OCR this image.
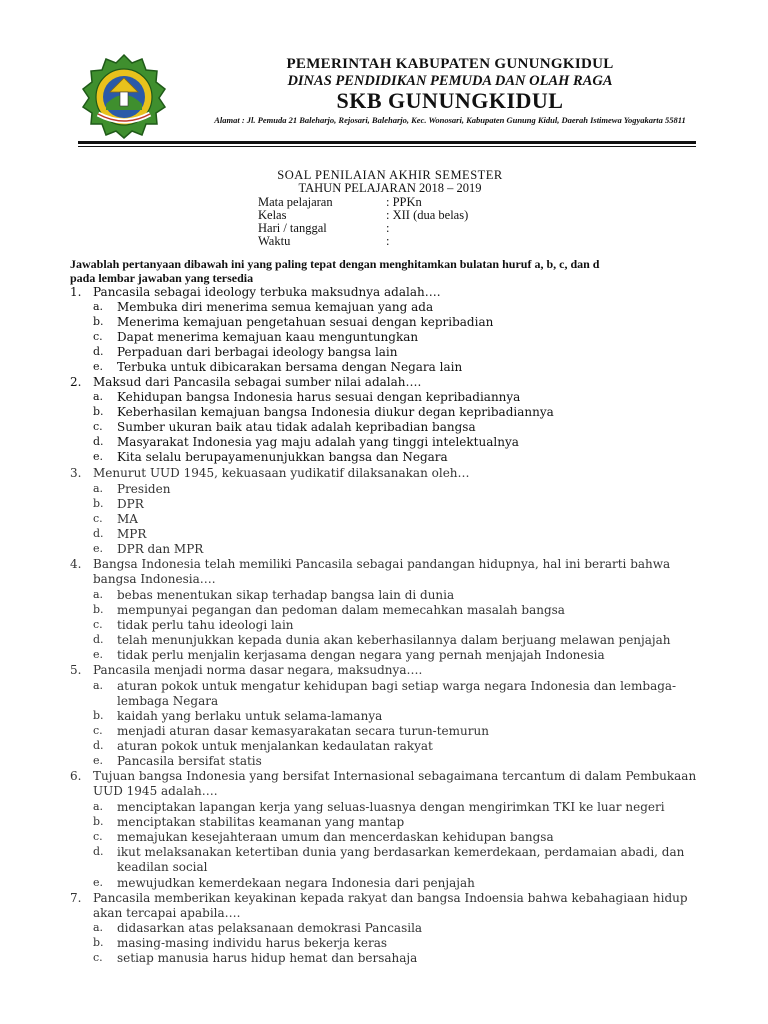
PEMERINTAH KABUPATEN GUNUNGKIDUL
DINAS PENDIDIKAN PEMUDA DAN OLAH RAGA
SKB GUNUNGKIDUL
Alamat : Jl. Pemuda 21 Baleharjo, Rejosari, Baleharjo, Kec. Wonosari, Kabupaten Gunung Kidul, Daerah Istimewa Yogyakarta 55811
SOAL PENILAIAN AKHIR SEMESTER
TAHUN PELAJARAN 2018 – 2019
Mata pelajaran	: PPKn
Kelas	: XII (dua belas)
Hari / tanggal	:
Waktu	:
Jawablah pertanyaan dibawah ini yang paling tepat dengan menghitamkan bulatan huruf a, b, c, dan d
pada lembar jawaban yang tersedia
1. Pancasila sebagai ideology terbuka maksudnya adalah….
a. Membuka diri menerima semua kemajuan yang ada
b. Menerima kemajuan pengetahuan sesuai dengan kepribadian
c. Dapat menerima kemajuan kaau menguntungkan
d. Perpaduan dari berbagai ideology bangsa lain
e. Terbuka untuk dibicarakan bersama dengan Negara lain
2. Maksud dari Pancasila sebagai sumber nilai adalah….
a. Kehidupan bangsa Indonesia harus sesuai dengan kepribadiannya
b. Keberhasilan kemajuan bangsa Indonesia diukur degan kepribadiannya
c. Sumber ukuran baik atau tidak adalah kepribadian bangsa
d. Masyarakat Indonesia yag maju adalah yang tinggi intelektualnya
e. Kita selalu berupayamenunjukkan bangsa dan Negara
3. Menurut UUD 1945, kekuasaan yudikatif dilaksanakan oleh…
a. Presiden
b. DPR
c. MA
d. MPR
e. DPR dan MPR
4. Bangsa Indonesia telah memiliki Pancasila sebagai pandangan hidupnya, hal ini berarti bahwa
bangsa Indonesia….
a. bebas menentukan sikap terhadap bangsa lain di dunia
b. mempunyai pegangan dan pedoman dalam memecahkan masalah bangsa
c. tidak perlu tahu ideologi lain
d. telah menunjukkan kepada dunia akan keberhasilannya dalam berjuang melawan penjajah
e. tidak perlu menjalin kerjasama dengan negara yang pernah menjajah Indonesia
5. Pancasila menjadi norma dasar negara, maksudnya….
a. aturan pokok untuk mengatur kehidupan bagi setiap warga negara Indonesia dan lembaga-
lembaga Negara
b. kaidah yang berlaku untuk selama-lamanya
c. menjadi aturan dasar kemasyarakatan secara turun-temurun
d. aturan pokok untuk menjalankan kedaulatan rakyat
e. Pancasila bersifat statis
6. Tujuan bangsa Indonesia yang bersifat Internasional sebagaimana tercantum di dalam Pembukaan
UUD 1945 adalah….
a. menciptakan lapangan kerja yang seluas-luasnya dengan mengirimkan TKI ke luar negeri
b. menciptakan stabilitas keamanan yang mantap
c. memajukan kesejahteraan umum dan mencerdaskan kehidupan bangsa
d. ikut melaksanakan ketertiban dunia yang berdasarkan kemerdekaan, perdamaian abadi, dan
keadilan social
e. mewujudkan kemerdekaan negara Indonesia dari penjajah
7. Pancasila memberikan keyakinan kepada rakyat dan bangsa Indoensia bahwa kebahagiaan hidup
akan tercapai apabila….
a. didasarkan atas pelaksanaan demokrasi Pancasila
b. masing-masing individu harus bekerja keras
c. setiap manusia harus hidup hemat dan bersahaja
